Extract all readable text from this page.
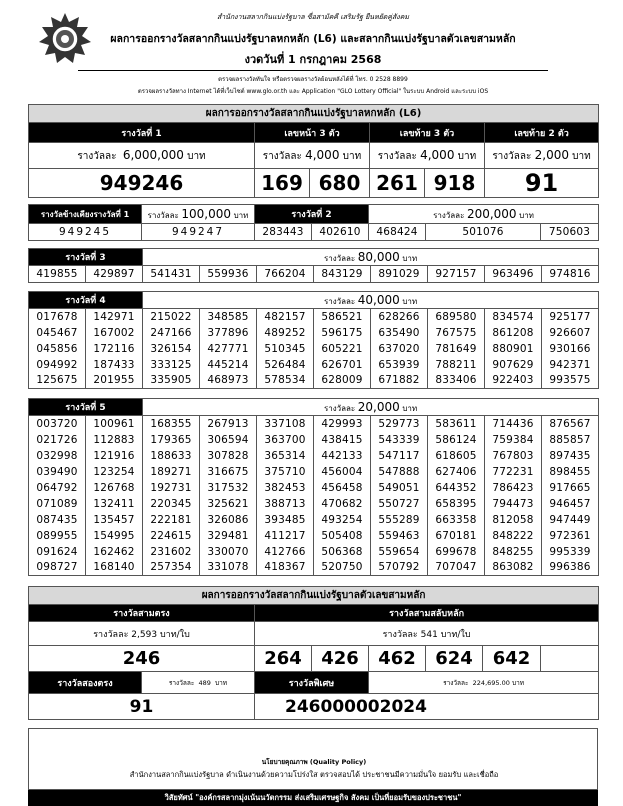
สำนักงานสลากกินแบ่งรัฐบาล ซื่อสามัคคี เสริมรัฐ ยืนหยัดคู่สังคม
ผลการออกรางวัลสลากกินแบ่งรัฐบาลหกหลัก (L6) และสลากกินแบ่งรัฐบาลตัวเลขสามหลัก
งวดวันที่ 1 กรกฎาคม 2568
ตรวจผลรางวัลทันใจ หรือตรวจผลรางวัลย้อนหลังได้ที่ โทร. 0 2528 8899
ตรวจผลรางวัลทาง Internet ได้ที่เว็บไซต์ www.glo.or.th และ Application "GLO Lottery Official" ในระบบ Android และระบบ iOS
ผลการออกรางวัลสลากกินแบ่งรัฐบาลหกหลัก (L6)					
รางวัลที่ 1	เลขหน้า 3 ตัว		เลขท้าย 3 ตัว		เลขท้าย 2 ตัว
รางวัลละ 6,000,000 บาท	รางวัลละ 4,000 บาท		รางวัลละ 4,000 บาท		รางวัลละ 2,000 บาท
949246	169	680	261	918	91
รางวัลข้างเคียงรางวัลที่ 1	รางวัลละ 100,000 บาท	รางวัลที่ 2		รางวัลละ 200,000 บาท		
949245	949247	283443	402610	468424	501076	750603
รางวัลที่ 3		รางวัลละ 80,000 บาท							
419855	429897	541431	559936	766204	843129	891029	927157	963496	974816
รางวัลที่ 4		รางวัลละ 40,000 บาท							
017678	142971	215022	348585	482157	586521	628266	689580	834574	925177
045467	167002	247166	377896	489252	596175	635490	767575	861208	926607
045856	172116	326154	427771	510345	605221	637020	781649	880901	930166
094992	187433	333125	445214	526484	626701	653939	788211	907629	942371
125675	201955	335905	468973	578534	628009	671882	833406	922403	993575
รางวัลที่ 5		รางวัลละ 20,000 บาท							
003720	100961	168355	267913	337108	429993	529773	583611	714436	876567
021726	112883	179365	306594	363700	438415	543339	586124	759384	885857
032998	121916	188633	307828	365314	442133	547117	618605	767803	897435
039490	123254	189271	316675	375710	456004	547888	627406	772231	898455
064792	126768	192731	317532	382453	456458	549051	644352	786423	917665
071089	132411	220345	325621	388713	470682	550727	658395	794473	946457
087435	135457	222181	326086	393485	493254	555289	663358	812058	947449
089955	154995	224615	329481	411217	505408	559463	670181	848222	972361
091624	162462	231602	330070	412766	506368	559654	699678	848255	995339
098727	168140	257354	331078	418367	520750	570792	707047	863082	996386
ผลการออกรางวัลสลากกินแบ่งรัฐบาลตัวเลขสามหลัก							
รางวัลสามตรง		รางวัลสามสลับหลัก					
รางวัลละ 2,593 บาท/ใบ		รางวัลละ 541 บาท/ใบ					
246		264	426	462	624	642	
รางวัลสองตรง	รางวัลละ 489 บาท	รางวัลพิเศษ		รางวัลละ 224,695.00 บาท			
91		246000002024					
นโยบายคุณภาพ (Quality Policy)
สำนักงานสลากกินแบ่งรัฐบาล ดำเนินงานด้วยความโปร่งใส ตรวจสอบได้ ประชาชนมีความมั่นใจ ยอมรับ และเชื่อถือ
วิสัยทัศน์ "องค์กรสลากมุ่งเน้นนวัตกรรม ส่งเสริมเศรษฐกิจ สังคม เป็นที่ยอมรับของประชาชน"
